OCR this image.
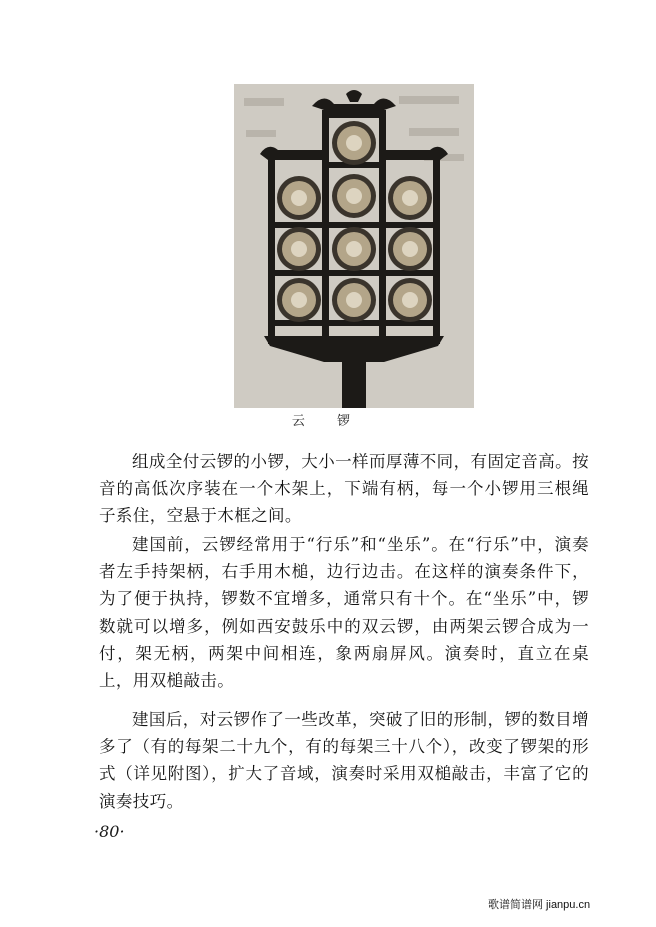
云 锣

组成全付云锣的小锣，大小一样而厚薄不同，有固定音高。按音的高低次序装在一个木架上，下端有柄，每一个小锣用三根绳子系住，空悬于木框之间。

建国前，云锣经常用于“行乐”和“坐乐”。在“行乐”中，演奏者左手持架柄，右手用木槌，边行边击。在这样的演奏条件下，为了便于执持，锣数不宜增多，通常只有十个。在“坐乐”中，锣数就可以增多，例如西安鼓乐中的双云锣，由两架云锣合成为一付，架无柄，两架中间相连，象两扇屏风。演奏时，直立在桌上，用双槌敲击。

建国后，对云锣作了一些改革，突破了旧的形制，锣的数目增多了（有的每架二十九个，有的每架三十八个），改变了锣架的形式（详见附图），扩大了音域，演奏时采用双槌敲击，丰富了它的演奏技巧。

·80·
歌谱简谱网 jianpu.cn
